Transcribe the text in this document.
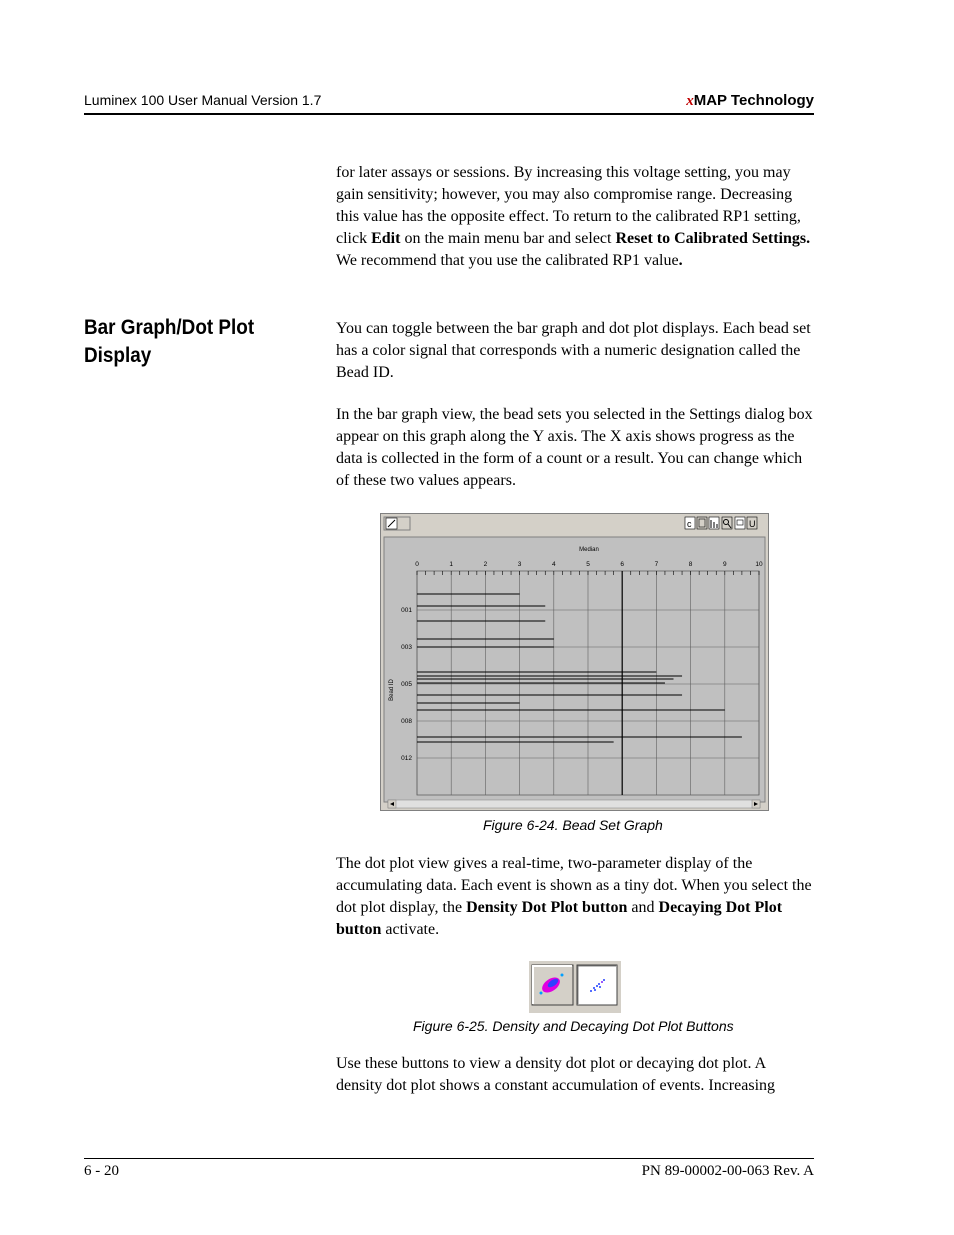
Luminex 100 User Manual Version 1.7	xMAP Technology

for later assays or sessions. By increasing this voltage setting, you may gain sensitivity; however, you may also compromise range. Decreasing this value has the opposite effect. To return to the calibrated RP1 setting, click Edit on the main menu bar and select Reset to Calibrated Settings. We recommend that you use the calibrated RP1 value.

Bar Graph/Dot Plot Display

You can toggle between the bar graph and dot plot displays. Each bead set has a color signal that corresponds with a numeric designation called the Bead ID.

In the bar graph view, the bead sets you selected in the Settings dialog box appear on this graph along the Y axis. The X axis shows progress as the data is collected in the form of a count or a result. You can change which of these two values appears.

c	U
Median
0	1	2	3	4	5	6	7	8	9	10
001
003
005
008
012
Bead ID
Figure 6-24. Bead Set Graph

The dot plot view gives a real-time, two-parameter display of the accumulating data. Each event is shown as a tiny dot. When you select the dot plot display, the Density Dot Plot button and Decaying Dot Plot button activate.

Figure 6-25. Density and Decaying Dot Plot Buttons

Use these buttons to view a density dot plot or decaying dot plot. A density dot plot shows a constant accumulation of events. Increasing

6 - 20	PN 89-00002-00-063 Rev. A
